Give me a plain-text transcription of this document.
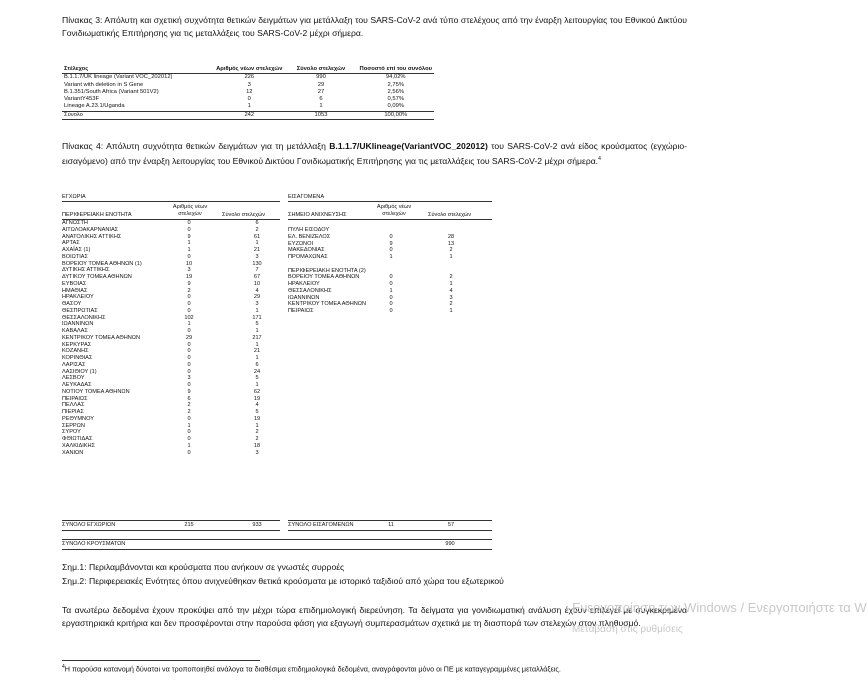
Πίνακας 3: Απόλυτη και σχετική συχνότητα θετικών δειγμάτων για μετάλλαξη του SARS-CoV-2 ανά τύπο στελέχους από την έναρξη λειτουργίας του Εθνικού Δικτύου Γονιδιωματικής Επιτήρησης για τις μεταλλάξεις του SARS-CoV-2 μέχρι σήμερα.
Στέλεχος	Αριθμός νέων στελεχών	Σύνολο στελεχών	Ποσοστό επί του συνόλου
B.1.1.7/UK lineage (Variant VOC_202012)	226	990	94,02%
Variant with deletion in S Gene	3	29	2,75%
B.1.351/South Africa (Variant 501V2)	12	27	2,56%
VariantY453F	0	6	0,57%
Lineage A.23.1/Uganda	1	1	0,09%
Σύνολο	242	1053	100,00%
Πίνακας 4: Απόλυτη συχνότητα θετικών δειγμάτων για τη μετάλλαξη B.1.1.7/UKlineage(VariantVOC_202012) του SARS-CoV-2 ανά είδος κρούσματος (εγχώριο-εισαγόμενο) από την έναρξη λειτουργίας του Εθνικού Δικτύου Γονιδιωματικής Επιτήρησης για τις μεταλλάξεις του SARS-CoV-2 μέχρι σήμερα.$^4$
ΕΓΧΩΡΙΑ
Αριθμός νέων στελεχών
ΠΕΡΙΦΕΡΕΙΑΚΗ ΕΝΟΤΗΤΑ	Σύνολο στελεχών
ΑΓΝΩΣΤΗ	0	6
ΑΙΤΩΛΟΑΚΑΡΝΑΝΙΑΣ	0	2
ΑΝΑΤΟΛΙΚΗΣ ΑΤΤΙΚΗΣ	9	61
ΑΡΤΑΣ	1	1
ΑΧΑΪΑΣ (1)	1	21
ΒΟΙΩΤΙΑΣ	0	3
ΒΟΡΕΙΟΥ ΤΟΜΕΑ ΑΘΗΝΩΝ (1)	10	130
ΔΥΤΙΚΗΣ ΑΤΤΙΚΗΣ	3	7
ΔΥΤΙΚΟΥ ΤΟΜΕΑ ΑΘΗΝΩΝ	19	67
ΕΥΒΟΙΑΣ	9	10
ΗΜΑΘΙΑΣ	2	4
ΗΡΑΚΛΕΙΟΥ	0	29
ΘΑΣΟΥ	0	3
ΘΕΣΠΡΩΤΙΑΣ	0	1
ΘΕΣΣΑΛΟΝΙΚΗΣ	102	171
ΙΩΑΝΝΙΝΩΝ	1	5
ΚΑΒΑΛΑΣ	0	1
ΚΕΝΤΡΙΚΟΥ ΤΟΜΕΑ ΑΘΗΝΩΝ	29	217
ΚΕΡΚΥΡΑΣ	0	1
ΚΟΖΑΝΗΣ	0	21
ΚΟΡΙΝΘΙΑΣ	0	1
ΛΑΡΙΣΑΣ	0	6
ΛΑΣΙΘΙΟΥ (1)	0	24
ΛΕΣΒΟΥ	3	5
ΛΕΥΚΑΔΑΣ	0	1
ΝΟΤΙΟΥ ΤΟΜΕΑ ΑΘΗΝΩΝ	9	62
ΠΕΙΡΑΙΩΣ	6	19
ΠΕΛΛΑΣ	2	4
ΠΙΕΡΙΑΣ	2	5
ΡΕΘΥΜΝΟΥ	0	19
ΣΕΡΡΩΝ	1	1
ΣΥΡΟΥ	0	2
ΦΘΙΩΤΙΔΑΣ	0	2
ΧΑΛΚΙΔΙΚΗΣ	1	18
ΧΑΝΙΩΝ	0	3
ΣΥΝΟΛΟ ΕΓΧΩΡΙΩΝ	215	933
ΕΙΣΑΓΟΜΕΝΑ
Αριθμός νέων στελεχών
ΣΗΜΕΙΟ ΑΝΙΧΝΕΥΣΗΣ	Σύνολο στελεχών
ΠΥΛΗ ΕΙΣΟΔΟΥ
ΕΛ. ΒΕΝΙΖΕΛΟΣ	0	28
ΕΥΖΩΝΟΙ	9	13
ΜΑΚΕΔΟΝΙΑΣ	0	2
ΠΡΟΜΑΧΩΝΑΣ	1	1
ΠΕΡΙΦΕΡΕΙΑΚΗ ΕΝΟΤΗΤΑ (2)
ΒΟΡΕΙΟΥ ΤΟΜΕΑ ΑΘΗΝΩΝ	0	2
ΗΡΑΚΛΕΙΟΥ	0	1
ΘΕΣΣΑΛΟΝΙΚΗΣ	1	4
ΙΩΑΝΝΙΝΩΝ	0	3
ΚΕΝΤΡΙΚΟΥ ΤΟΜΕΑ ΑΘΗΝΩΝ	0	2
ΠΕΙΡΑΙΩΣ	0	1
ΣΥΝΟΛΟ ΕΙΣΑΓΟΜΕΝΩΝ	11	57
ΣΥΝΟΛΟ ΚΡΟΥΣΜΑΤΩΝ	990
Σημ.1: Περιλαμβάνονται και κρούσματα που ανήκουν σε γνωστές συρροές
Σημ.2: Περιφερειακές Ενότητες όπου ανιχνεύθηκαν θετικά κρούσματα με ιστορικό ταξιδιού από χώρα του εξωτερικού
Τα ανωτέρω δεδομένα έχουν προκύψει από την μέχρι τώρα επιδημιολογική διερεύνηση. Τα δείγματα για γονιδιωματική ανάλυση έχουν επιλεγεί με συγκεκριμένα εργαστηριακά κριτήρια και δεν προσφέρονται στην παρούσα φάση για εξαγωγή συμπερασμάτων σχετικά με τη διασπορά των στελεχών στον πληθυσμό.
$^4$Η παρούσα κατανομή δύναται να τροποποιηθεί ανάλογα τα διαθέσιμα επιδημιολογικά δεδομένα, αναγράφονται μόνο οι ΠΕ με καταγεγραμμένες μεταλλάξεις.
Ενεργοποίηση των Windows / Ενεργοποιήστε τα W
Μετάβαση στις ρυθμίσεις
